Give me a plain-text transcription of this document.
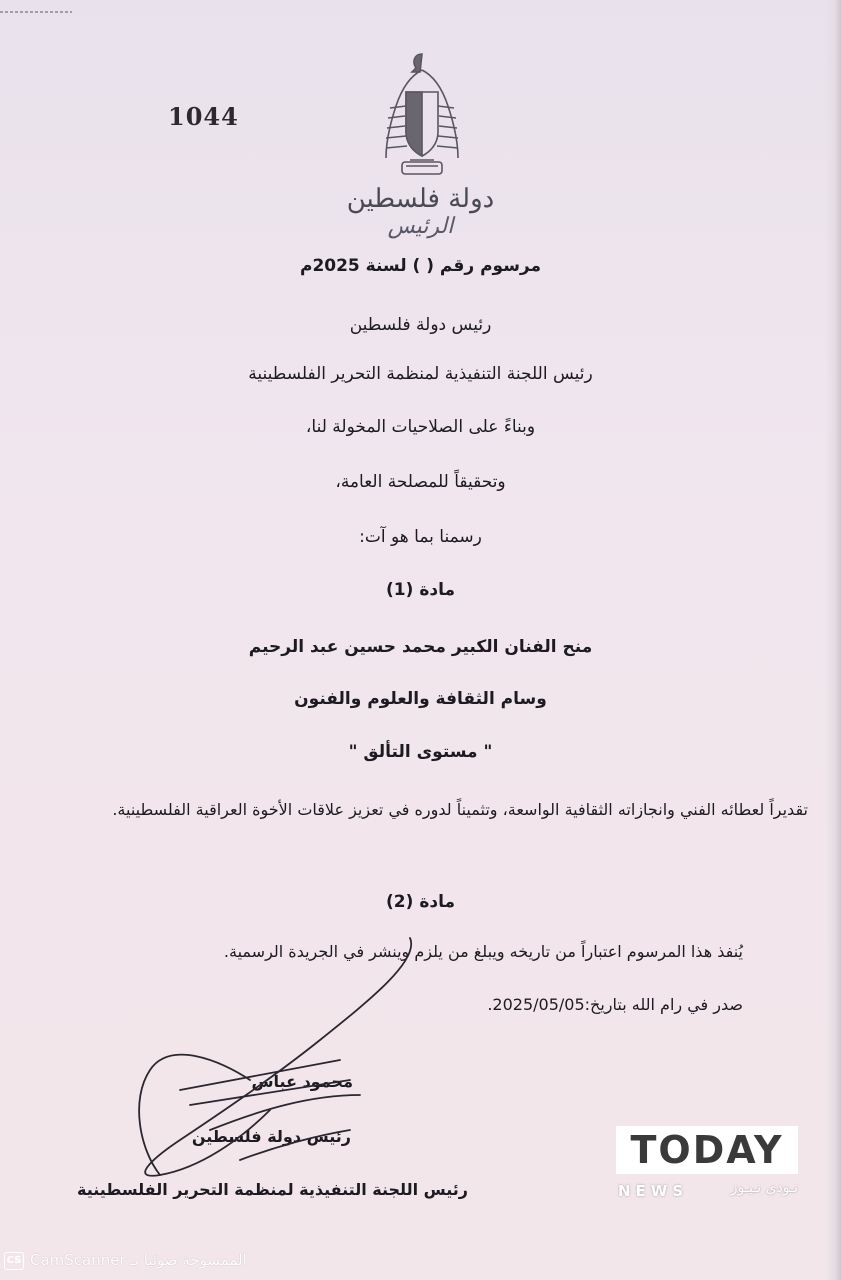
1044
دولة فلسطين
الرئيس
مرسوم رقم ( ) لسنة 2025م
رئيس دولة فلسطين
رئيس اللجنة التنفيذية لمنظمة التحرير الفلسطينية
وبناءً على الصلاحيات المخولة لنا،
وتحقيقاً للمصلحة العامة،
رسمنا بما هو آت:
مادة (1)
منح الفنان الكبير محمد حسين عبد الرحيم
وسام الثقافة والعلوم والفنون
" مستوى التألق "
تقديراً لعطائه الفني وانجازاته الثقافية الواسعة، وتثميناً لدوره في تعزيز علاقات الأخوة العراقية الفلسطينية.
مادة (2)
يُنفذ هذا المرسوم اعتباراً من تاريخه ويبلغ من يلزم وينشر في الجريدة الرسمية.
صدر في رام الله بتاريخ:2025/05/05.
محمود عباس
رئيس دولة فلسطين
رئيس اللجنة التنفيذية لمنظمة التحرير الفلسطينية
TODAY
NEWS	تـودي نـيـوز
CS الممسوحة ضوئيا بـ CamScanner
